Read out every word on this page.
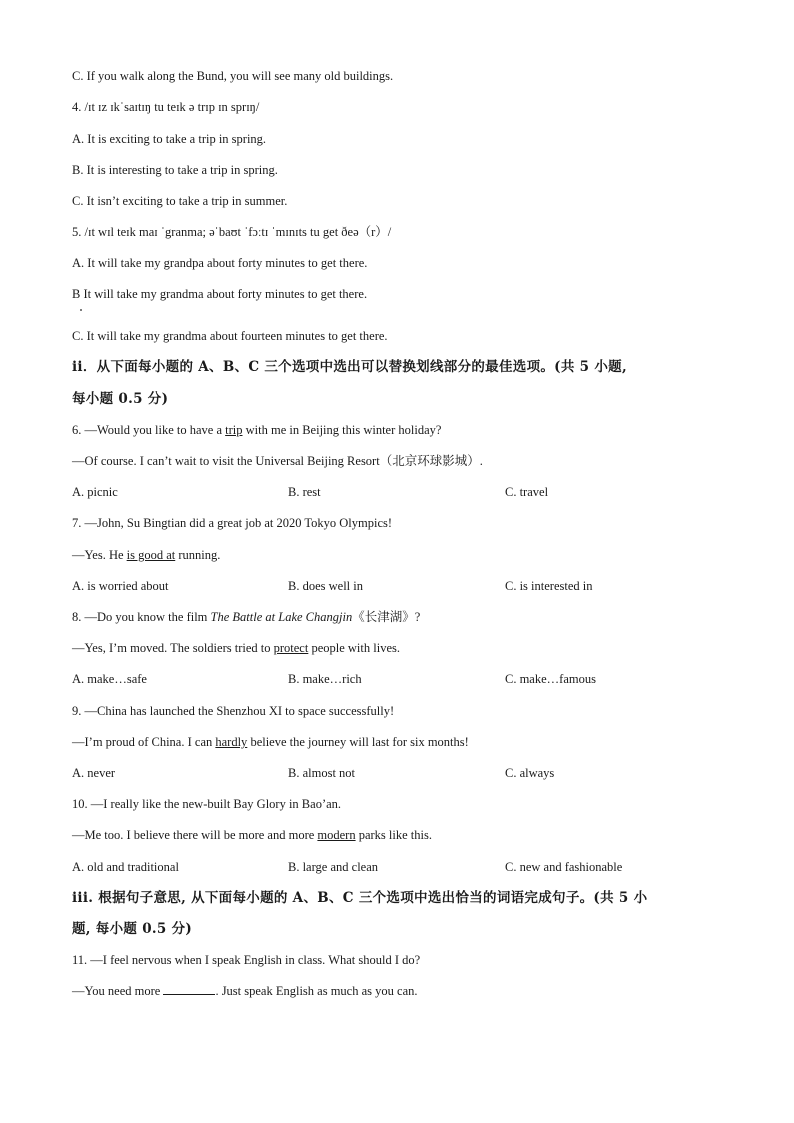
C. If you walk along the Bund, you will see many old buildings.
4. /ɪt ɪz ɪkˈsaɪtɪŋ tu teɪk ə trɪp ɪn sprɪŋ/
A. It is exciting to take a trip in spring.
B. It is interesting to take a trip in spring.
C. It isn’t exciting to take a trip in summer.
5. /ɪt wɪl teɪk maɪ ˈgranma; əˈbaʊt ˈfɔːtɪ ˈmɪnɪts tu get ðeə（r）/
A. It will take my grandpa about forty minutes to get there.
B It will take my grandma about forty minutes to get there.
C. It will take my grandma about fourteen minutes to get there.
ii．从下面每小题的 A、B、C 三个选项中选出可以替换划线部分的最佳选项。(共 5 小题,
每小题 0.5 分)
6. —Would you like to have a trip with me in Beijing this winter holiday?
—Of course. I can’t wait to visit the Universal Beijing Resort（北京环球影城）.
A. picnic	B. rest	C. travel
7. —John, Su Bingtian did a great job at 2020 Tokyo Olympics!
—Yes. He is good at running.
A. is worried about	B. does well in	C. is interested in
8. —Do you know the film The Battle at Lake Changjin《长津湖》?
—Yes, I’m moved. The soldiers tried to protect people with lives.
A. make…safe	B. make…rich	C. make…famous
9. —China has launched the Shenzhou XI to space successfully!
—I’m proud of China. I can hardly believe the journey will last for six months!
A. never	B. almost not	C. always
10. —I really like the new-built Bay Glory in Bao’an.
—Me too. I believe there will be more and more modern parks like this.
A. old and traditional	B. large and clean	C. new and fashionable
iii. 根据句子意思, 从下面每小题的 A、B、C 三个选项中选出恰当的词语完成句子。(共 5 小
题, 每小题 0.5 分)
11. —I feel nervous when I speak English in class. What should I do?
—You need more	. Just speak English as much as you can.
